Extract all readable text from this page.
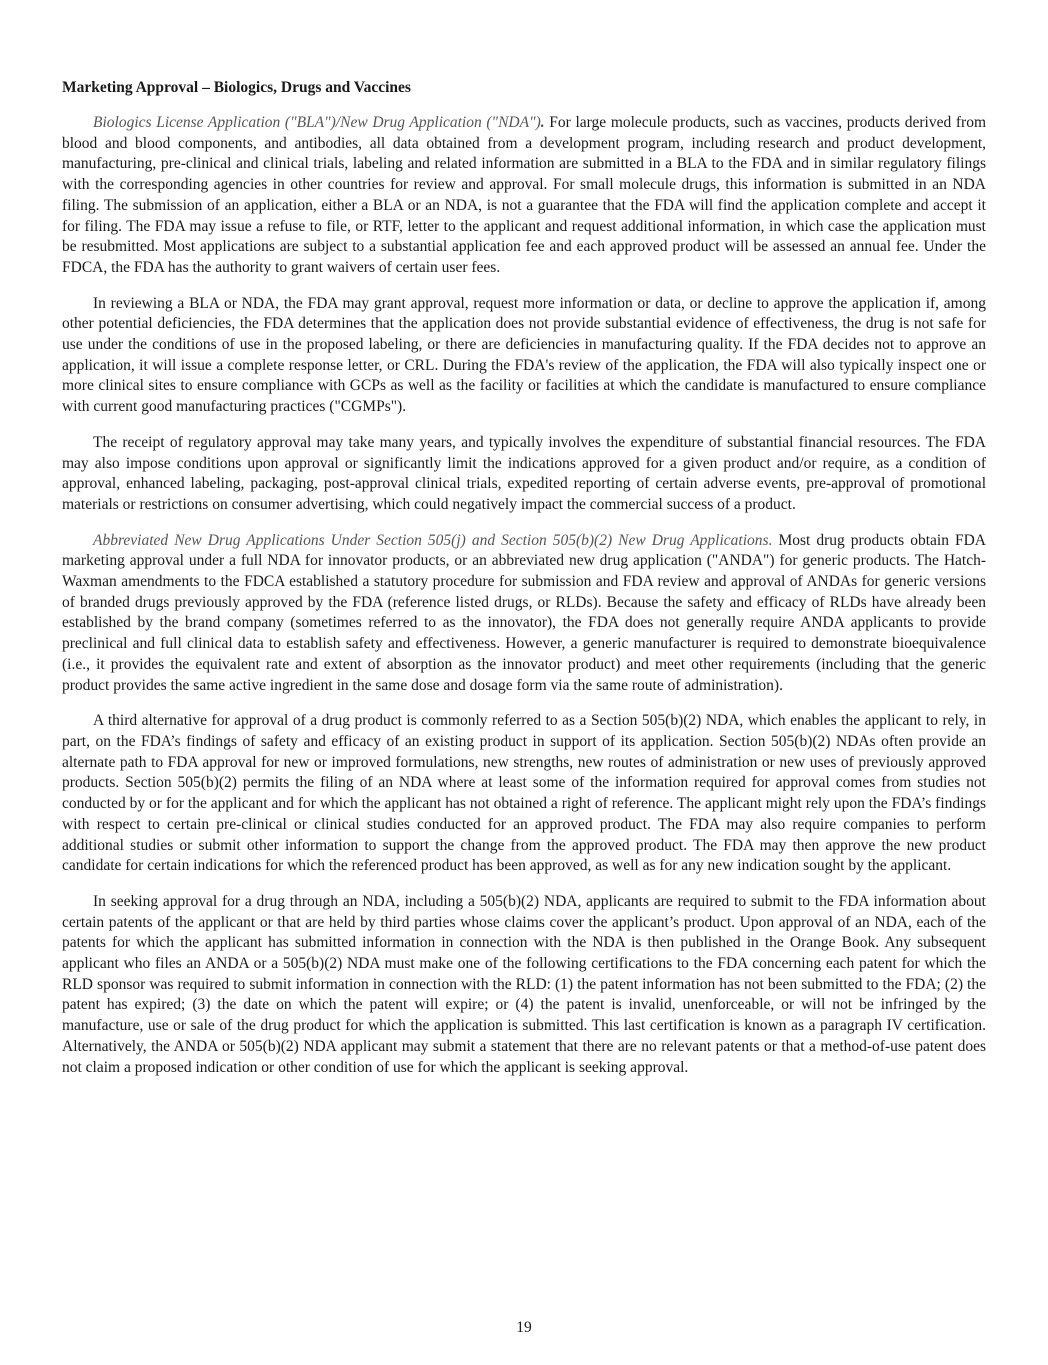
Marketing Approval – Biologics, Drugs and Vaccines

Biologics License Application ("BLA")/New Drug Application ("NDA"). For large molecule products, such as vaccines, products derived from blood and blood components, and antibodies, all data obtained from a development program, including research and product development, manufacturing, pre-clinical and clinical trials, labeling and related information are submitted in a BLA to the FDA and in similar regulatory filings with the corresponding agencies in other countries for review and approval. For small molecule drugs, this information is submitted in an NDA filing. The submission of an application, either a BLA or an NDA, is not a guarantee that the FDA will find the application complete and accept it for filing. The FDA may issue a refuse to file, or RTF, letter to the applicant and request additional information, in which case the application must be resubmitted. Most applications are subject to a substantial application fee and each approved product will be assessed an annual fee. Under the FDCA, the FDA has the authority to grant waivers of certain user fees.

In reviewing a BLA or NDA, the FDA may grant approval, request more information or data, or decline to approve the application if, among other potential deficiencies, the FDA determines that the application does not provide substantial evidence of effectiveness, the drug is not safe for use under the conditions of use in the proposed labeling, or there are deficiencies in manufacturing quality. If the FDA decides not to approve an application, it will issue a complete response letter, or CRL. During the FDA's review of the application, the FDA will also typically inspect one or more clinical sites to ensure compliance with GCPs as well as the facility or facilities at which the candidate is manufactured to ensure compliance with current good manufacturing practices ("CGMPs").

The receipt of regulatory approval may take many years, and typically involves the expenditure of substantial financial resources. The FDA may also impose conditions upon approval or significantly limit the indications approved for a given product and/or require, as a condition of approval, enhanced labeling, packaging, post-approval clinical trials, expedited reporting of certain adverse events, pre-approval of promotional materials or restrictions on consumer advertising, which could negatively impact the commercial success of a product.

Abbreviated New Drug Applications Under Section 505(j) and Section 505(b)(2) New Drug Applications. Most drug products obtain FDA marketing approval under a full NDA for innovator products, or an abbreviated new drug application ("ANDA") for generic products. The Hatch-Waxman amendments to the FDCA established a statutory procedure for submission and FDA review and approval of ANDAs for generic versions of branded drugs previously approved by the FDA (reference listed drugs, or RLDs). Because the safety and efficacy of RLDs have already been established by the brand company (sometimes referred to as the innovator), the FDA does not generally require ANDA applicants to provide preclinical and full clinical data to establish safety and effectiveness. However, a generic manufacturer is required to demonstrate bioequivalence (i.e., it provides the equivalent rate and extent of absorption as the innovator product) and meet other requirements (including that the generic product provides the same active ingredient in the same dose and dosage form via the same route of administration).

A third alternative for approval of a drug product is commonly referred to as a Section 505(b)(2) NDA, which enables the applicant to rely, in part, on the FDA’s findings of safety and efficacy of an existing product in support of its application. Section 505(b)(2) NDAs often provide an alternate path to FDA approval for new or improved formulations, new strengths, new routes of administration or new uses of previously approved products. Section 505(b)(2) permits the filing of an NDA where at least some of the information required for approval comes from studies not conducted by or for the applicant and for which the applicant has not obtained a right of reference. The applicant might rely upon the FDA’s findings with respect to certain pre-clinical or clinical studies conducted for an approved product. The FDA may also require companies to perform additional studies or submit other information to support the change from the approved product. The FDA may then approve the new product candidate for certain indications for which the referenced product has been approved, as well as for any new indication sought by the applicant.

In seeking approval for a drug through an NDA, including a 505(b)(2) NDA, applicants are required to submit to the FDA information about certain patents of the applicant or that are held by third parties whose claims cover the applicant’s product. Upon approval of an NDA, each of the patents for which the applicant has submitted information in connection with the NDA is then published in the Orange Book. Any subsequent applicant who files an ANDA or a 505(b)(2) NDA must make one of the following certifications to the FDA concerning each patent for which the RLD sponsor was required to submit information in connection with the RLD: (1) the patent information has not been submitted to the FDA; (2) the patent has expired; (3) the date on which the patent will expire; or (4) the patent is invalid, unenforceable, or will not be infringed by the manufacture, use or sale of the drug product for which the application is submitted. This last certification is known as a paragraph IV certification. Alternatively, the ANDA or 505(b)(2) NDA applicant may submit a statement that there are no relevant patents or that a method-of-use patent does not claim a proposed indication or other condition of use for which the applicant is seeking approval.

19
